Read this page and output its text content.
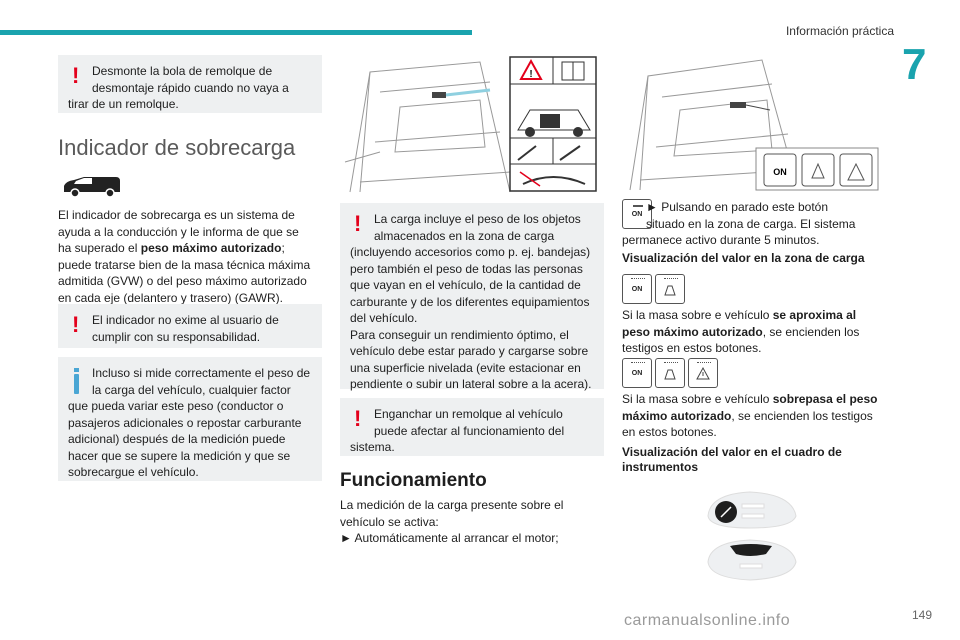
Información práctica
7
!	Desmonte la bola de remolque de
desmontaje rápido cuando no vaya a
tirar de un remolque.
Indicador de sobrecarga
El indicador de sobrecarga es un sistema de
ayuda a la conducción y le informa de que se
ha superado el peso máximo autorizado;
puede tratarse bien de la masa técnica máxima
admitida (GVW) o del peso máximo autorizado
en cada eje (delantero y trasero) (GAWR).
!	El indicador no exime al usuario de
cumplir con su responsabilidad.
Incluso si mide correctamente el peso de
la carga del vehículo, cualquier factor
que pueda variar este peso (conductor o
pasajeros adicionales o repostar carburante
adicional) después de la medición puede
hacer que se supere la medición y que se
sobrecargue el vehículo.
!
!	La carga incluye el peso de los objetos
almacenados en la zona de carga
(incluyendo accesorios como p. ej. bandejas)
pero también el peso de todas las personas
que vayan en el vehículo, de la cantidad de
carburante y de los diferentes equipamientos
del vehículo.
Para conseguir un rendimiento óptimo, el
vehículo debe estar parado y cargarse sobre
una superficie nivelada (evite estacionar en
pendiente o subir un lateral sobre a la acera).
!	Enganchar un remolque al vehículo
puede afectar al funcionamiento del
sistema.
Funcionamiento
La medición de la carga presente sobre el
vehículo se activa:
► Automáticamente al arrancar el motor;
ON
ON ► Pulsando en parado este botón
situado en la zona de carga. El sistema
permanece activo durante 5 minutos.
Visualización del valor en la zona de carga
ON
Si la masa sobre e vehículo se aproxima al
peso máximo autorizado, se encienden los
testigos en estos botones.
ON
Si la masa sobre e vehículo sobrepasa el peso
máximo autorizado, se encienden los testigos
en estos botones.
Visualización del valor en el cuadro de
instrumentos
carmanualsonline.info	149
